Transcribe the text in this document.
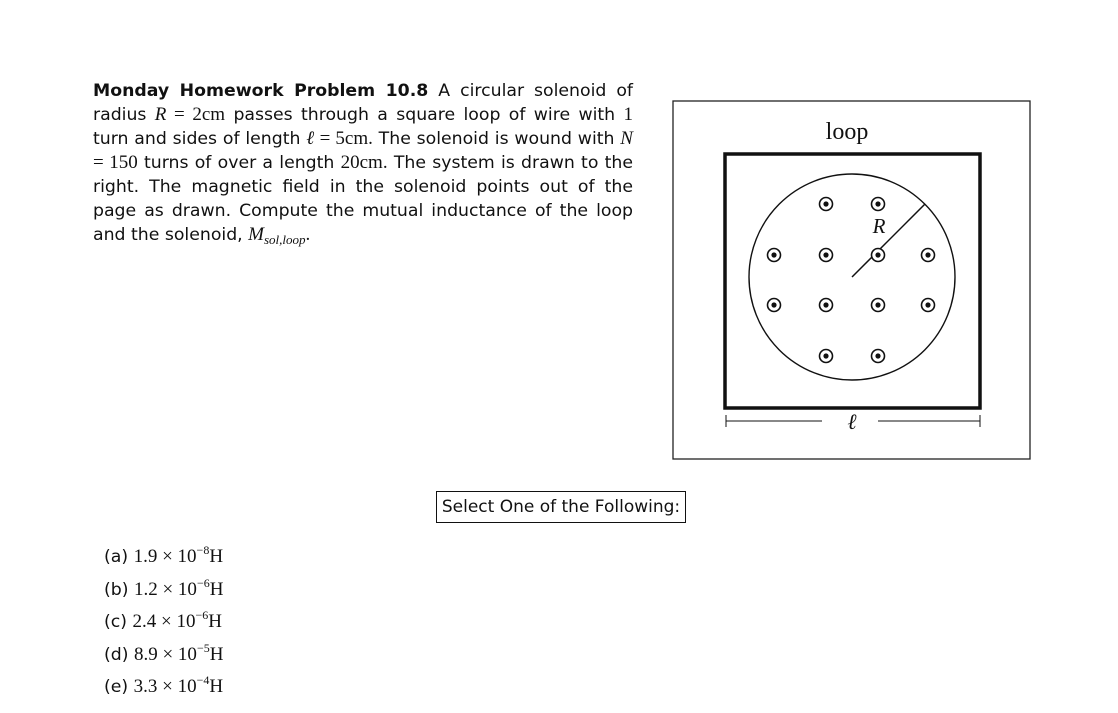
Monday Homework Problem 10.8 A circular solenoid of radius R = 2cm passes through a square loop of wire with 1 turn and sides of length ℓ = 5cm. The solenoid is wound with N = 150 turns of over a length 20cm. The system is drawn to the right. The magnetic field in the solenoid points out of the page as drawn. Compute the mutual inductance of the loop and the solenoid, $M_{sol,loop}$.
loop
R
ℓ
Select One of the Following:
(a) $1.9 \times 10^{-8}H$
(b) $1.2 \times 10^{-6}H$
(c) $2.4 \times 10^{-6}H$
(d) $8.9 \times 10^{-5}H$
(e) $3.3 \times 10^{-4}H$
